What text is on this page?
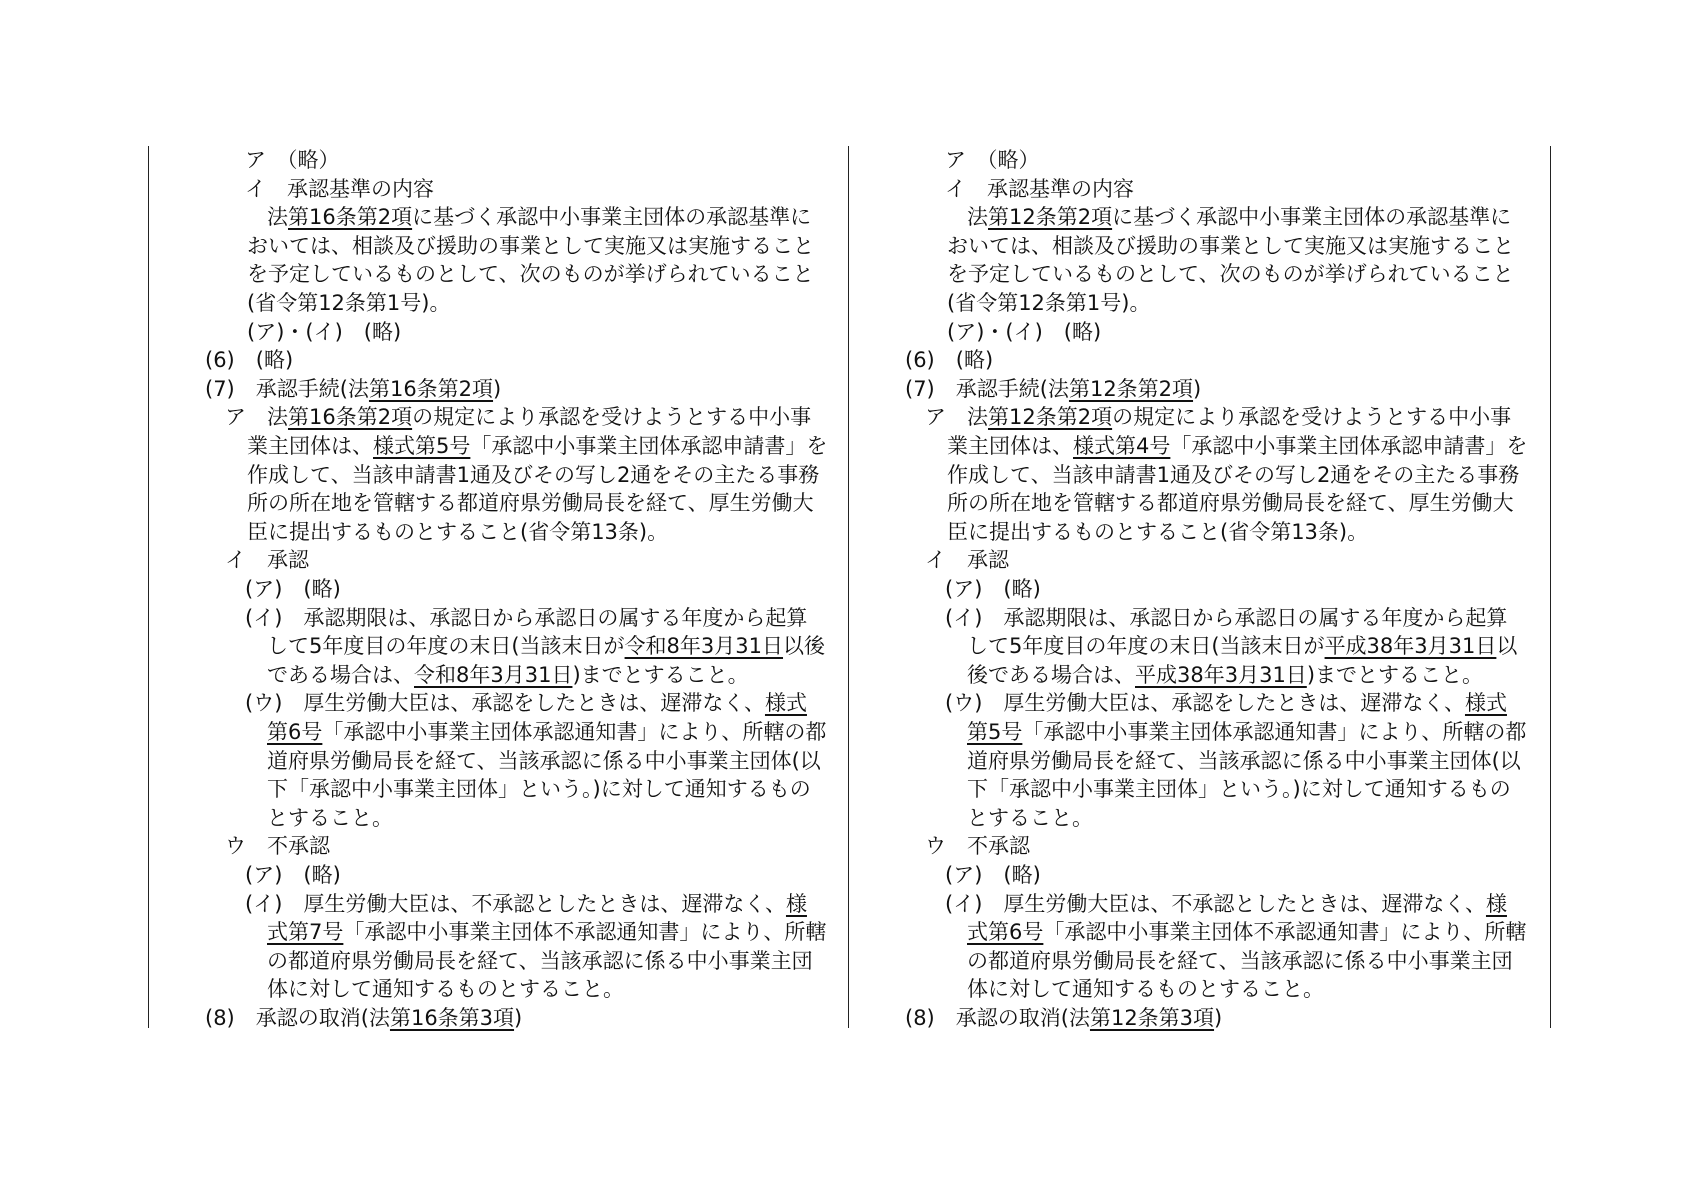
ア　（略）
イ　承認基準の内容
法第16条第2項に基づく承認中小事業主団体の承認基準に
おいては、相談及び援助の事業として実施又は実施すること
を予定しているものとして、次のものが挙げられていること
(省令第12条第1号)。
(ア)・(イ)　(略)
(6)　(略)
(7)　承認手続(法第16条第2項)
ア　法第16条第2項の規定により承認を受けようとする中小事
業主団体は、様式第5号「承認中小事業主団体承認申請書」を
作成して、当該申請書1通及びその写し2通をその主たる事務
所の所在地を管轄する都道府県労働局長を経て、厚生労働大
臣に提出するものとすること(省令第13条)。
イ　承認
(ア)　(略)
(イ)　承認期限は、承認日から承認日の属する年度から起算
して5年度目の年度の末日(当該末日が令和8年3月31日以後
である場合は、令和8年3月31日)までとすること。
(ウ)　厚生労働大臣は、承認をしたときは、遅滞なく、様式
第6号「承認中小事業主団体承認通知書」により、所轄の都
道府県労働局長を経て、当該承認に係る中小事業主団体(以
下「承認中小事業主団体」という。)に対して通知するもの
とすること。
ウ　不承認
(ア)　(略)
(イ)　厚生労働大臣は、不承認としたときは、遅滞なく、様
式第7号「承認中小事業主団体不承認通知書」により、所轄
の都道府県労働局長を経て、当該承認に係る中小事業主団
体に対して通知するものとすること。
(8)　承認の取消(法第16条第3項)
ア　（略）
イ　承認基準の内容
法第12条第2項に基づく承認中小事業主団体の承認基準に
おいては、相談及び援助の事業として実施又は実施すること
を予定しているものとして、次のものが挙げられていること
(省令第12条第1号)。
(ア)・(イ)　(略)
(6)　(略)
(7)　承認手続(法第12条第2項)
ア　法第12条第2項の規定により承認を受けようとする中小事
業主団体は、様式第4号「承認中小事業主団体承認申請書」を
作成して、当該申請書1通及びその写し2通をその主たる事務
所の所在地を管轄する都道府県労働局長を経て、厚生労働大
臣に提出するものとすること(省令第13条)。
イ　承認
(ア)　(略)
(イ)　承認期限は、承認日から承認日の属する年度から起算
して5年度目の年度の末日(当該末日が平成38年3月31日以
後である場合は、平成38年3月31日)までとすること。
(ウ)　厚生労働大臣は、承認をしたときは、遅滞なく、様式
第5号「承認中小事業主団体承認通知書」により、所轄の都
道府県労働局長を経て、当該承認に係る中小事業主団体(以
下「承認中小事業主団体」という。)に対して通知するもの
とすること。
ウ　不承認
(ア)　(略)
(イ)　厚生労働大臣は、不承認としたときは、遅滞なく、様
式第6号「承認中小事業主団体不承認通知書」により、所轄
の都道府県労働局長を経て、当該承認に係る中小事業主団
体に対して通知するものとすること。
(8)　承認の取消(法第12条第3項)
